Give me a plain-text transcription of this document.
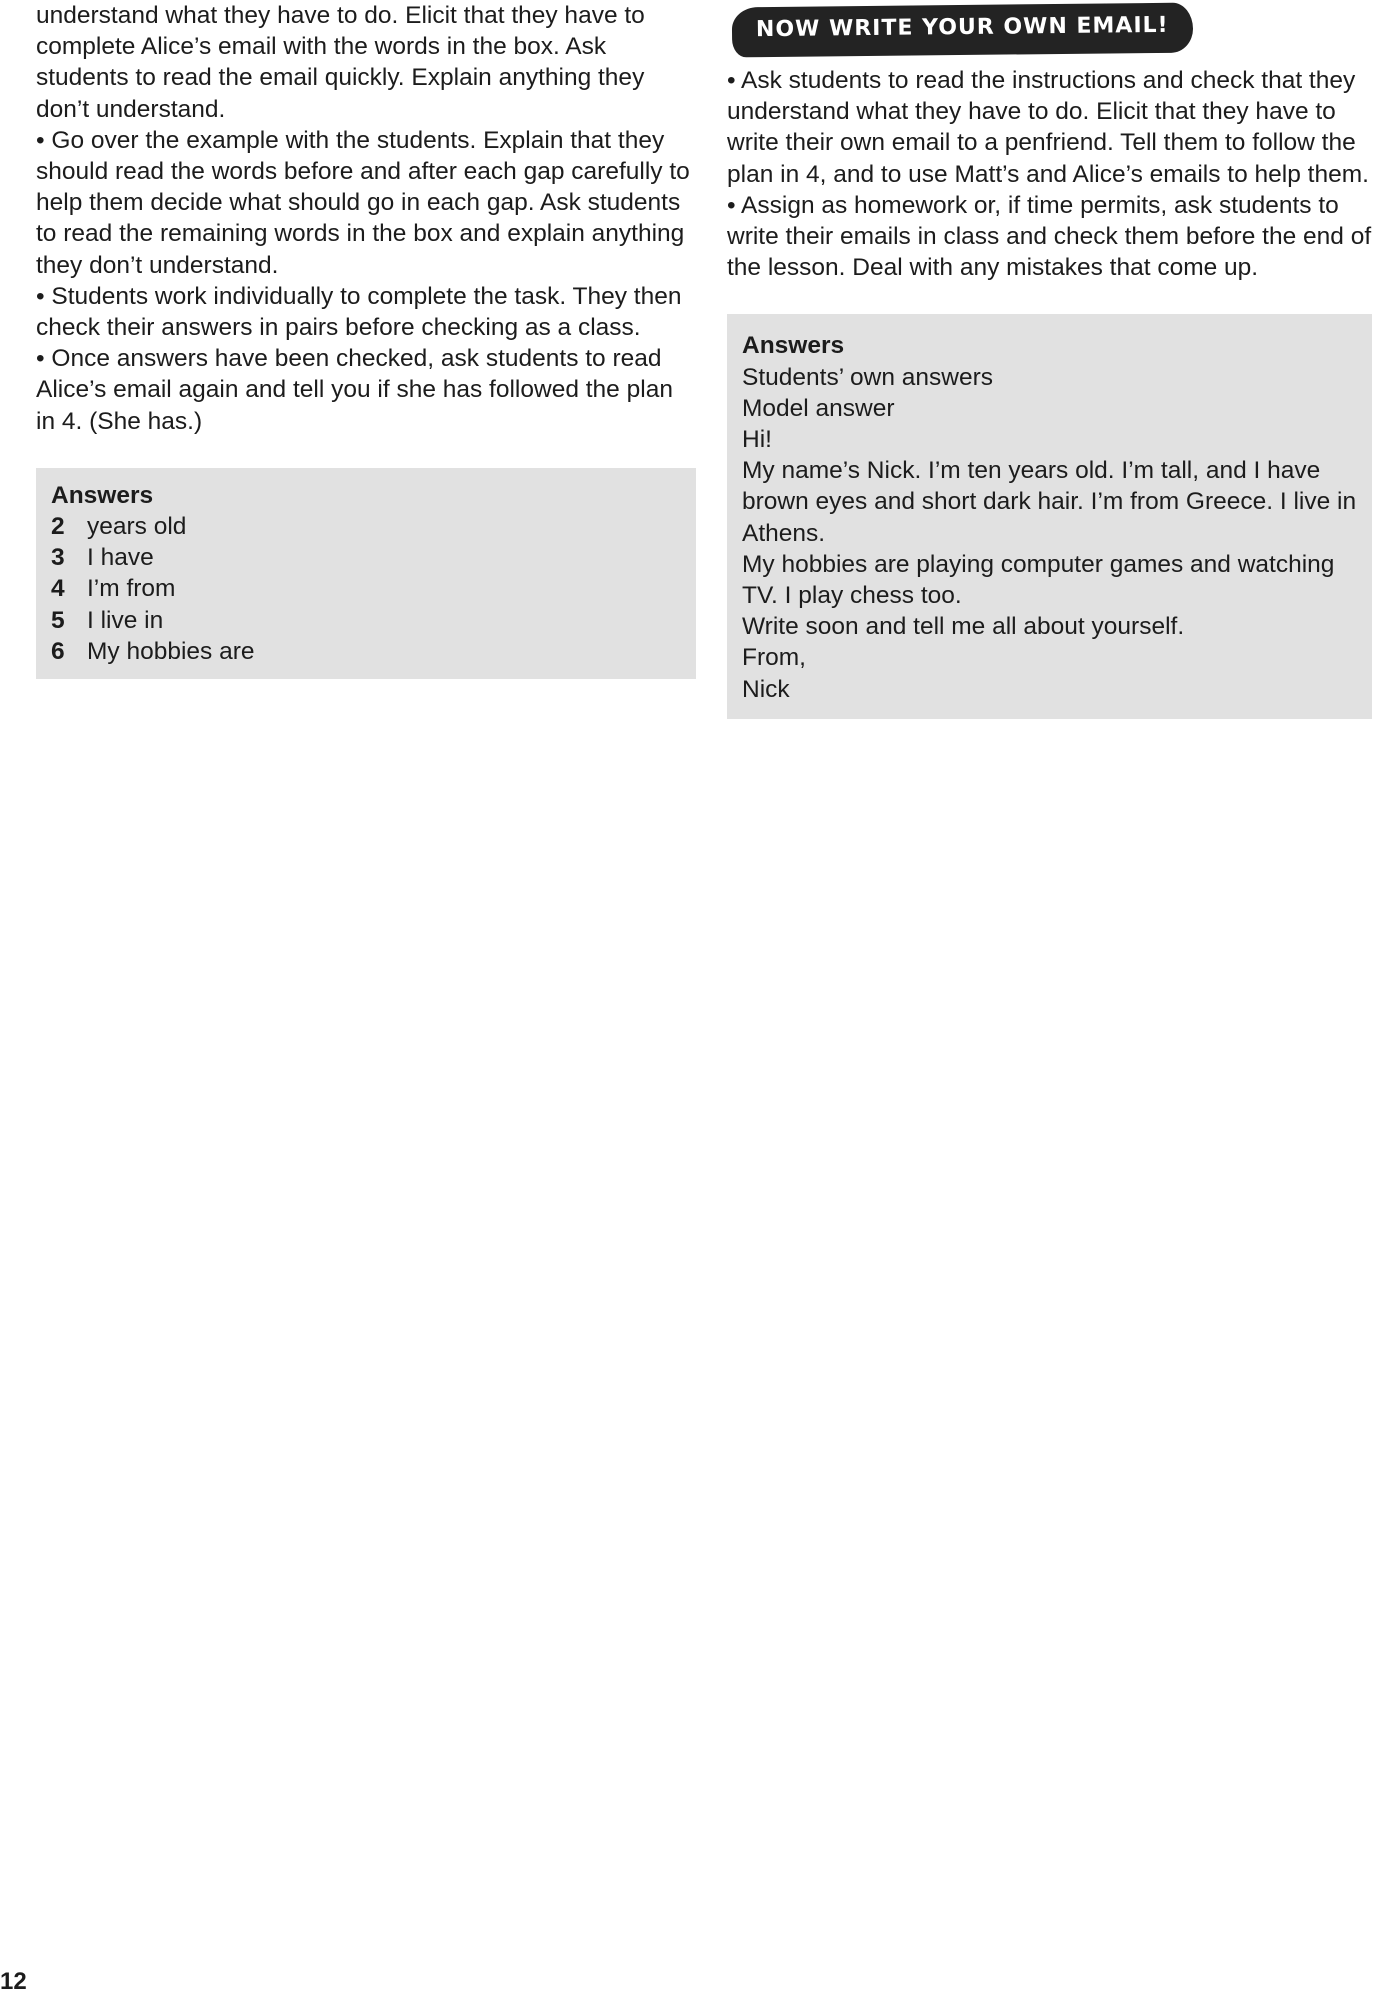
understand what they have to do. Elicit that they have to complete Alice’s email with the words in the box. Ask students to read the email quickly. Explain anything they don’t understand.

• Go over the example with the students. Explain that they should read the words before and after each gap carefully to help them decide what should go in each gap. Ask students to read the remaining words in the box and explain anything they don’t understand.

• Students work individually to complete the task. They then check their answers in pairs before checking as a class.

• Once answers have been checked, ask students to read Alice’s email again and tell you if she has followed the plan in 4. (She has.)

Answers

2 years old
3 I have
4 I’m from
5 I live in
6 My hobbies are
NOW WRITE YOUR OWN EMAIL!

• Ask students to read the instructions and check that they understand what they have to do. Elicit that they have to write their own email to a penfriend. Tell them to follow the plan in 4, and to use Matt’s and Alice’s emails to help them.

• Assign as homework or, if time permits, ask students to write their emails in class and check them before the end of the lesson. Deal with any mistakes that come up.

Answers

Students’ own answers

Model answer

Hi!

My name’s Nick. I’m ten years old. I’m tall, and I have brown eyes and short dark hair. I’m from Greece. I live in Athens.

My hobbies are playing computer games and watching TV. I play chess too.

Write soon and tell me all about yourself.

From,

Nick

12
